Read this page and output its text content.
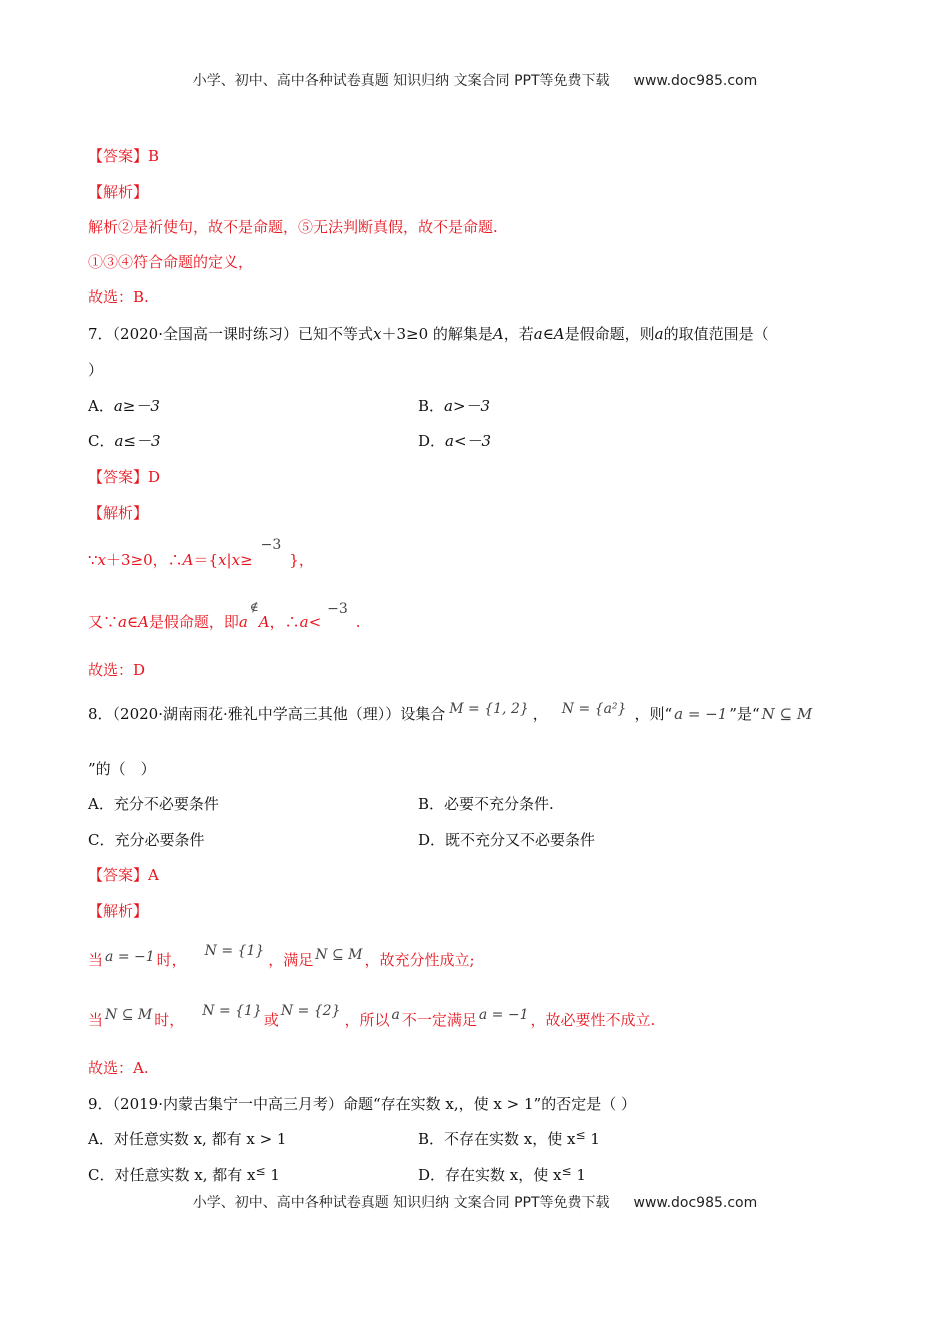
小学、初中、高中各种试卷真题 知识归纳 文案合同 PPT等免费下载 www.doc985.com
【答案】B
【解析】
解析②是祈使句，故不是命题，⑤无法判断真假，故不是命题.
①③④符合命题的定义，
故选：B.
7．（2020·全国高一课时练习）已知不等式x＋3≥0 的解集是A，若a∈A是假命题，则a的取值范围是（
）
A．a≥－3	B．a>－3
C．a≤－3	D．a<－3
【答案】D
【解析】
∵x＋3≥0，∴A＝{x|x≥−3}，
又∵a∈A是假命题，即a∉A，∴a<−3.
故选：D
8．（2020·湖南雨花·雅礼中学高三其他（理））设集合 M = {1, 2} ， N = {a²} ，则“ a = −1 ”是“ N ⊆ M
”的（　）
A．充分不必要条件	B．必要不充分条件.
C．充分必要条件	D．既不充分又不必要条件
【答案】A
【解析】
当 a = −1 时， N = {1} ，满足 N ⊆ M ，故充分性成立;
当 N ⊆ M 时， N = {1} 或 N = {2} ，所以 a 不一定满足 a = −1 ，故必要性不成立.
故选：A.
9．（2019·内蒙古集宁一中高三月考）命题“存在实数 x,，使 x > 1”的否定是（ ）
A．对任意实数 x, 都有 x > 1	B．不存在实数 x，使 x≤ 1
C．对任意实数 x, 都有 x≤ 1	D．存在实数 x，使 x≤ 1
小学、初中、高中各种试卷真题 知识归纳 文案合同 PPT等免费下载 www.doc985.com
